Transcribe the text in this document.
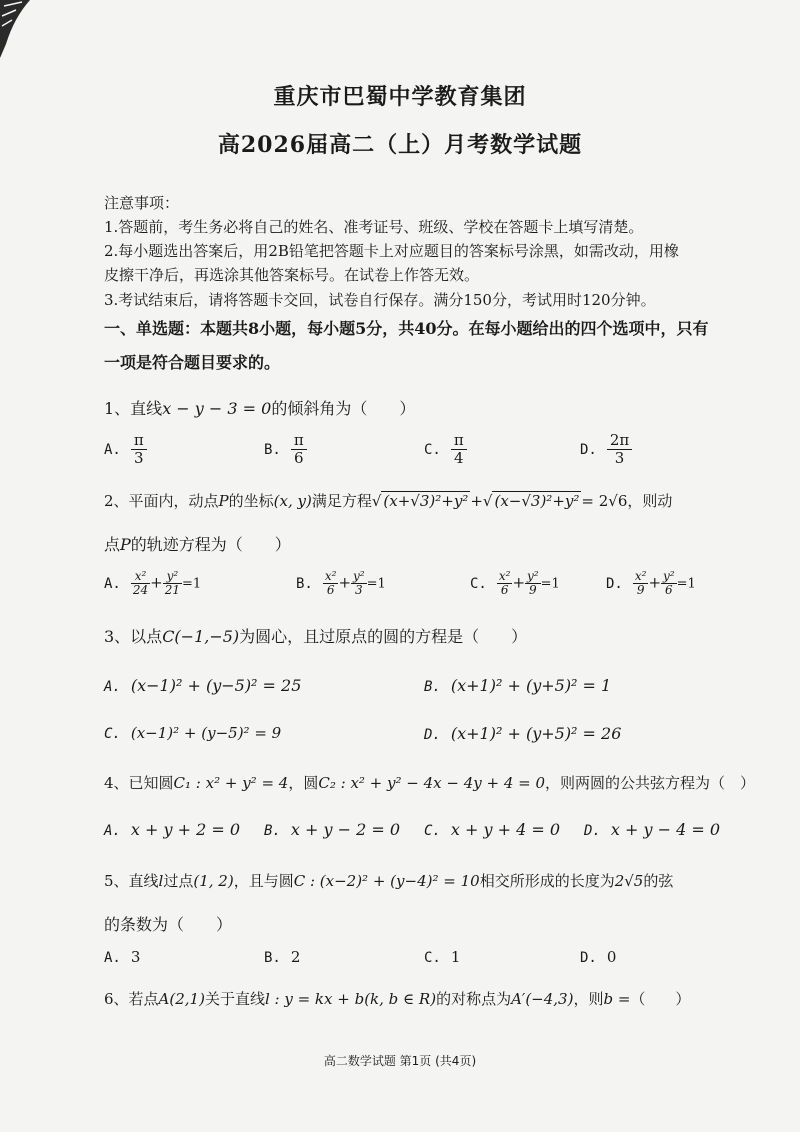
重庆市巴蜀中学教育集团
高2026届高二（上）月考数学试题
注意事项：
1.答题前，考生务必将自己的姓名、准考证号、班级、学校在答题卡上填写清楚。
2.每小题选出答案后，用2B铅笔把答题卡上对应题目的答案标号涂黑，如需改动，用橡
皮擦干净后，再选涂其他答案标号。在试卷上作答无效。
3.考试结束后，请将答题卡交回，试卷自行保存。满分150分，考试用时120分钟。
一、单选题：本题共8小题，每小题5分，共40分。在每小题给出的四个选项中，只有
一项是符合题目要求的。
1、直线x − y − 3 = 0的倾斜角为（　　）
A. $\frac{\pi}{3}$	B. $\frac{\pi}{6}$	C. $\frac{\pi}{4}$	D. $\frac{2\pi}{3}$
2、平面内，动点P的坐标(x, y)满足方程√ (x+√3)²+y² +√ (x−√3)²+y² = 2√6，则动
点P的轨迹方程为（　　）
A. $\frac{\text{x²}}{24} + \frac{\text{y²}}{21} =1$	B. $\frac{\text{x²}}{6} + \frac{\text{y²}}{3} =1$	C. $\frac{\text{x²}}{6} + \frac{\text{y²}}{9} =1$	D. $\frac{\text{x²}}{9} + \frac{\text{y²}}{6} =1$
3、以点C(−1,−5)为圆心，且过原点的圆的方程是（　　）
A. (x−1)² + (y−5)² = 25	B. (x+1)² + (y+5)² = 1
C. (x−1)² + (y−5)² = 9	D. (x+1)² + (y+5)² = 26
4、已知圆C₁ : x² + y² = 4，圆C₂ : x² + y² − 4x − 4y + 4 = 0，则两圆的公共弦方程为（　）
A. x + y + 2 = 0 B. x + y − 2 = 0 C. x + y + 4 = 0 D. x + y − 4 = 0
5、直线l过点(1, 2)，且与圆C : (x−2)² + (y−4)² = 10相交所形成的长度为2√5的弦
的条数为（　　）
A. 3	B. 2	C. 1	D. 0
6、若点A(2,1)关于直线l : y = kx + b(k, b ∈ R)的对称点为A′(−4,3)，则b =（　　）
高二数学试题 第1页 (共4页)
